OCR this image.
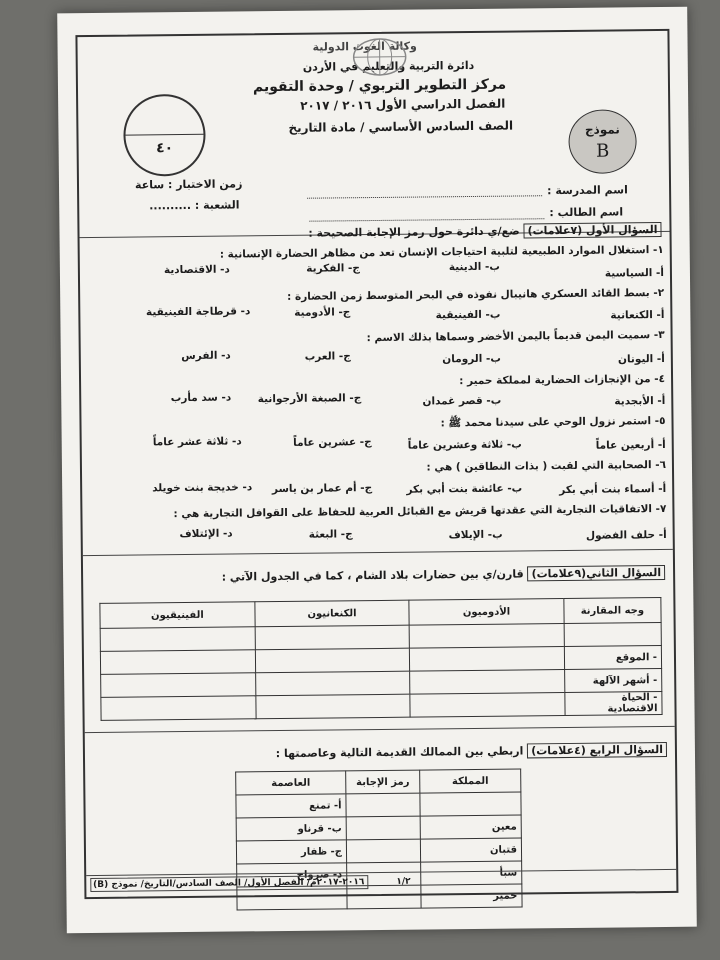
وكالة الغوث الدولية
دائرة التربية والتعليم في الأردن
مركز التطوير التربوي / وحدة التقويم
الفصل الدراسي الأول ٢٠١٦ / ٢٠١٧
الصف السادس الأساسي / مادة التاريخ
٤٠
نموذج
B
زمن الاختبار : ساعة
الشعبة : ..........
اسم المدرسة :
اسم الطالب :
السؤال الأول (٧علامات) ضع/ي دائرة حول رمز الإجابة الصحيحة :
١- استغلال الموارد الطبيعية لتلبية احتياجات الإنسان تعد من مظاهر الحضارة الإنسانية :
أ- السياسية
ب- الدينية
ج- الفكرية
د- الاقتصادية
٢- بسط القائد العسكري هانيبال نفوذه في البحر المتوسط زمن الحضارة :
أ- الكنعانية
ب- الفينيقية
ج- الأدومية
د- قرطاجة الفينيقية
٣- سميت اليمن قديماً باليمن الأخضر وسماها بذلك الاسم :
أ- اليونان
ب- الرومان
ج- العرب
د- الفرس
٤- من الإنجازات الحضارية لمملكة حمير :
أ- الأبجدية
ب- قصر غمدان
ج- الصبغة الأرجوانية
د- سد مأرب
٥- استمر نزول الوحي على سيدنا محمد ﷺ :
أ- أربعين عاماً
ب- ثلاثة وعشرين عاماً
ج- عشرين عاماً
د- ثلاثة عشر عاماً
٦- الصحابية التي لقبت ( بذات النطاقين ) هي :
أ- أسماء بنت أبي بكر
ب- عائشة بنت أبي بكر
ج- أم عمار بن ياسر
د- خديجة بنت خويلد
٧- الاتفاقيات التجارية التي عقدتها قريش مع القبائل العربية للحفاظ على القوافل التجارية هي :
أ- حلف الفضول
ب- الإيلاف
ج- البعثة
د- الإئتلاف
السؤال الثاني(٩علامات) قارن/ي بين حضارات بلاد الشام ، كما في الجدول الآتي :
وجه المقارنة	الأدوميون	الكنعانيون	الفينيقيون

- الموقع			
- أشهر الآلهة			
- الحياة الاقتصادية			
السؤال الرابع (٤علامات) اربطي بين الممالك القديمة التالية وعاصمتها :
المملكة	رمز الإجابة	العاصمة
		أ- تمنع
معين		ب- قرناو
قتبان		ج- ظفار
سبأ		د- صرواح
حمير		
٢٠١٦-٢٠١٧م/ الفصل الأول/ الصف السادس/التاريخ/ نموذج (B)	١/٢
